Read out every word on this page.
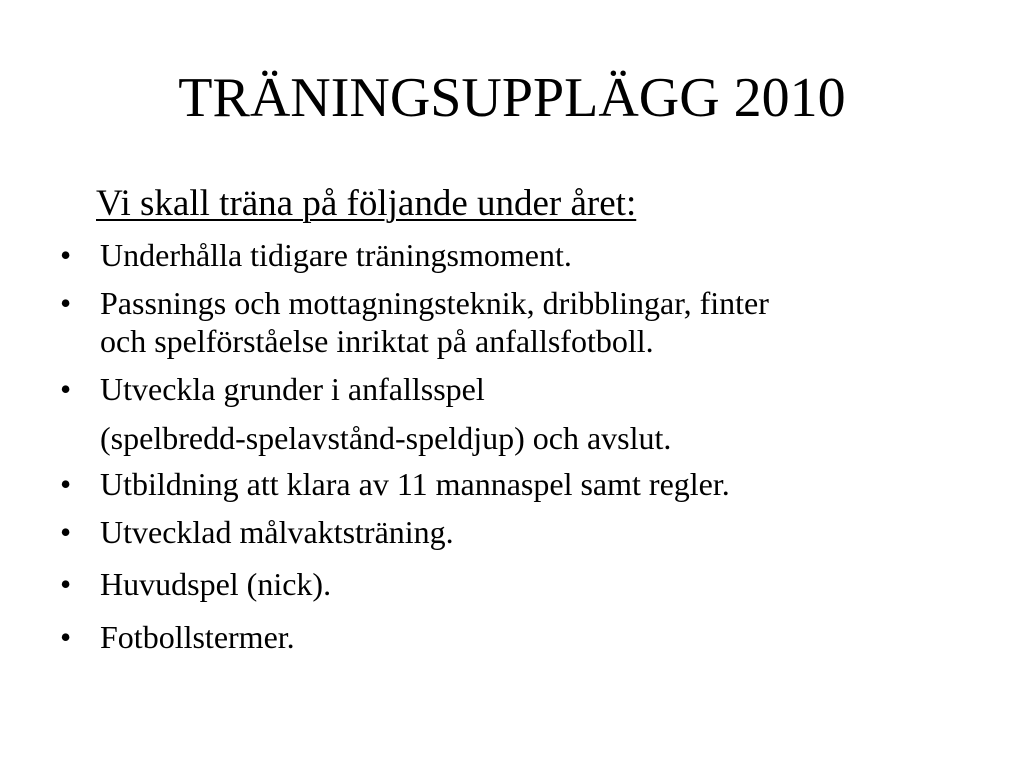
TRÄNINGSUPPLÄGG 2010
Vi skall träna på följande under året:
• Underhålla tidigare träningsmoment.
• Passnings och mottagningsteknik, dribblingar, finter
och spelförståelse inriktat på anfallsfotboll.
• Utveckla grunder i anfallsspel
(spelbredd-spelavstånd-speldjup) och avslut.
• Utbildning att klara av 11 mannaspel samt regler.
• Utvecklad målvaktsträning.
• Huvudspel (nick).
• Fotbollstermer.
